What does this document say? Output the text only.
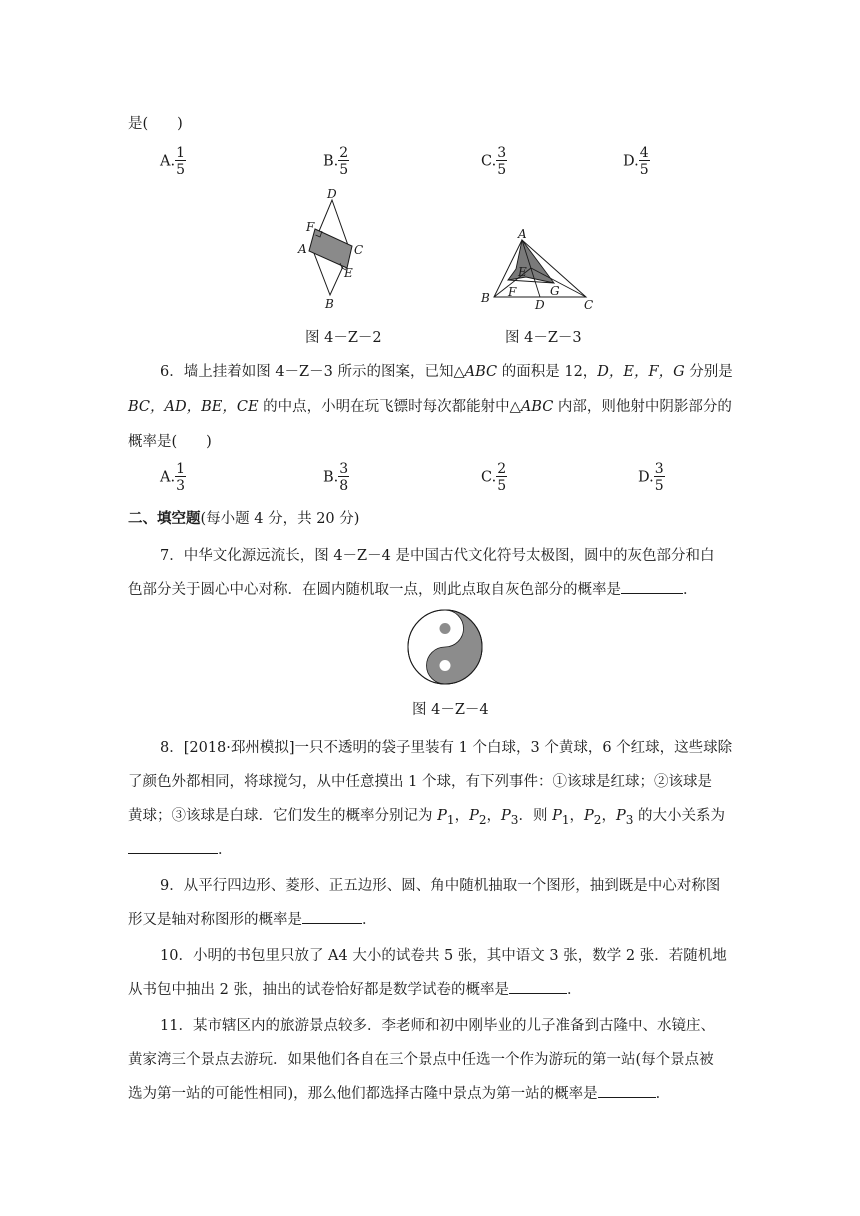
是(　　)
A. $\frac{1}{5}$	B. $\frac{2}{5}$	C. $\frac{3}{5}$	D. $\frac{4}{5}$
D
F
A	C
E
B
图 4－Z－2
A
E
B F
D
G
C
图 4－Z－3
6．墙上挂着如图 4－Z－3 所示的图案，已知△ABC 的面积是 12，D，E，F，G 分别是
BC，AD，BE，CE 的中点，小明在玩飞镖时每次都能射中△ABC 内部，则他射中阴影部分的
概率是(　　)
A. $\frac{1}{3}$	B. $\frac{3}{8}$	C. $\frac{2}{5}$	D. $\frac{3}{5}$
二、填空题(每小题 4 分，共 20 分)
7．中华文化源远流长，图 4－Z－4 是中国古代文化符号太极图，圆中的灰色部分和白
色部分关于圆心中心对称．在圆内随机取一点，则此点取自灰色部分的概率是	．
图 4－Z－4
8．[2018·邳州模拟]一只不透明的袋子里装有 1 个白球，3 个黄球，6 个红球，这些球除
了颜色外都相同，将球搅匀，从中任意摸出 1 个球，有下列事件：①该球是红球；②该球是
黄球；③该球是白球．它们发生的概率分别记为 $P_1$，$P_2$，$P_3$．则 $P_1$，$P_2$，$P_3$ 的大小关系为
．
9．从平行四边形、菱形、正五边形、圆、角中随机抽取一个图形，抽到既是中心对称图
形又是轴对称图形的概率是	．
10．小明的书包里只放了 A4 大小的试卷共 5 张，其中语文 3 张，数学 2 张．若随机地
从书包中抽出 2 张，抽出的试卷恰好都是数学试卷的概率是	．
11．某市辖区内的旅游景点较多．李老师和初中刚毕业的儿子准备到古隆中、水镜庄、
黄家湾三个景点去游玩．如果他们各自在三个景点中任选一个作为游玩的第一站(每个景点被
选为第一站的可能性相同)，那么他们都选择古隆中景点为第一站的概率是	．
